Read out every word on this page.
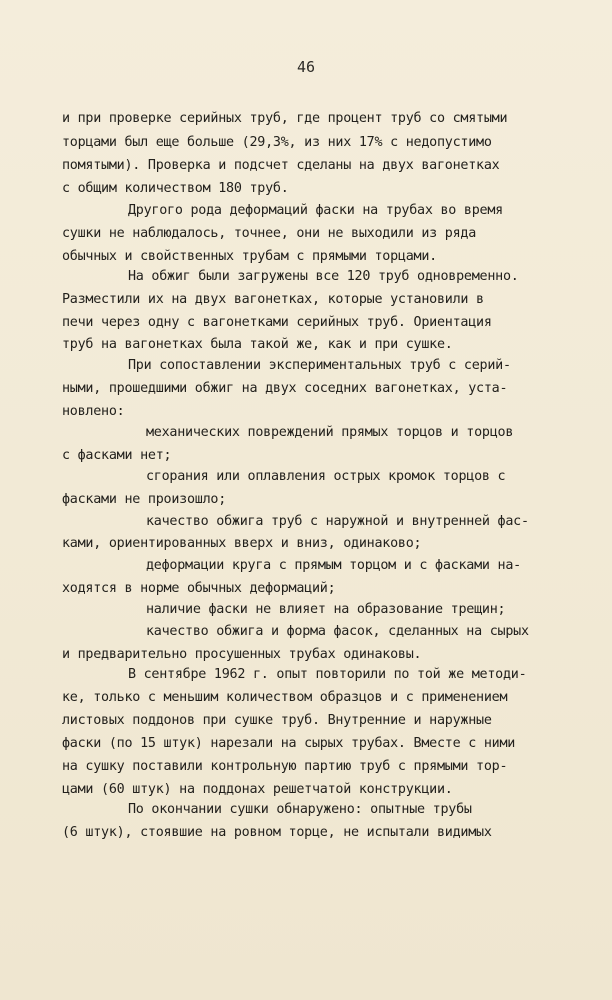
46
и при проверке серийных труб, где процент труб со смятыми
торцами был еще больше (29,3%, из них 17% с недопустимо
помятыми). Проверка и подсчет сделаны на двух вагонетках
с общим количеством 180 труб.
Другого рода деформаций фаски на трубах во время
сушки не наблюдалось, точнее, они не выходили из ряда
обычных и свойственных трубам с прямыми торцами.
На обжиг были загружены все 120 труб одновременно.
Разместили их на двух вагонетках, которые установили в
печи через одну с вагонетками серийных труб. Ориентация
труб на вагонетках была такой же, как и при сушке.
При сопоставлении экспериментальных труб с серий-
ными, прошедшими обжиг на двух соседних вагонетках, уста-
новлено:
механических повреждений прямых торцов и торцов
с фасками нет;
сгорания или оплавления острых кромок торцов с
фасками не произошло;
качество обжига труб с наружной и внутренней фас-
ками, ориентированных вверх и вниз, одинаково;
деформации круга с прямым торцом и с фасками на-
ходятся в норме обычных деформаций;
наличие фаски не влияет на образование трещин;
качество обжига и форма фасок, сделанных на сырых
и предварительно просушенных трубах одинаковы.
В сентябре 1962 г. опыт повторили по той же методи-
ке, только с меньшим количеством образцов и с применением
листовых поддонов при сушке труб. Внутренние и наружные
фаски (по 15 штук) нарезали на сырых трубах. Вместе с ними
на сушку поставили контрольную партию труб с прямыми тор-
цами (60 штук) на поддонах решетчатой конструкции.
По окончании сушки обнаружено: опытные трубы
(6 штук), стоявшие на ровном торце, не испытали видимых
